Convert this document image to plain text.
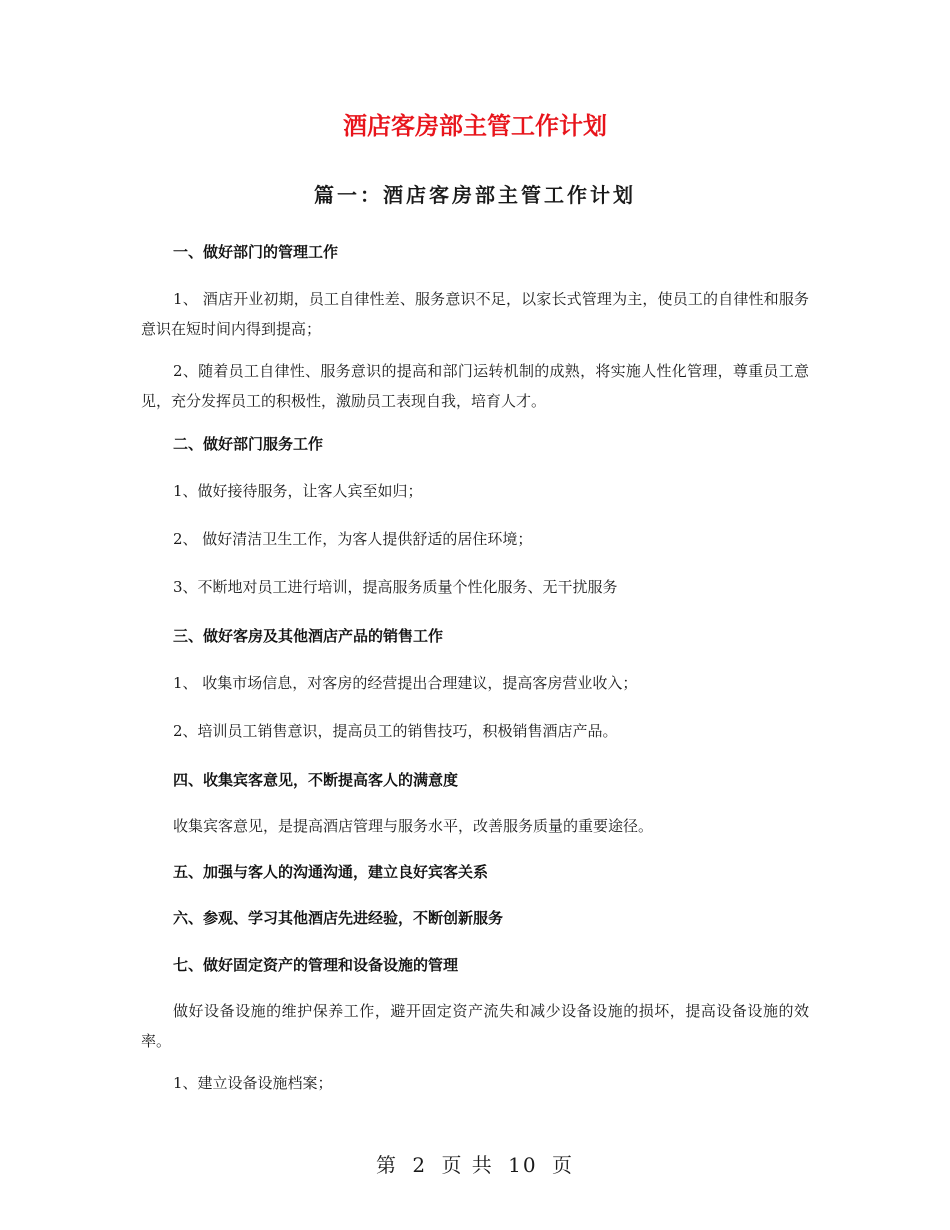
酒店客房部主管工作计划
篇一：酒店客房部主管工作计划
一、做好部门的管理工作

1、 酒店开业初期，员工自律性差、服务意识不足，以家长式管理为主，使员工的自律性和服务意识在短时间内得到提高；

2、随着员工自律性、服务意识的提高和部门运转机制的成熟，将实施人性化管理，尊重员工意见，充分发挥员工的积极性，激励员工表现自我，培育人才。

二、做好部门服务工作

1、做好接待服务，让客人宾至如归；

2、 做好清洁卫生工作，为客人提供舒适的居住环境；

3、不断地对员工进行培训，提高服务质量个性化服务、无干扰服务

三、做好客房及其他酒店产品的销售工作

1、 收集市场信息，对客房的经营提出合理建议，提高客房营业收入；

2、培训员工销售意识，提高员工的销售技巧，积极销售酒店产品。

四、收集宾客意见，不断提高客人的满意度

收集宾客意见，是提高酒店管理与服务水平，改善服务质量的重要途径。

五、加强与客人的沟通沟通，建立良好宾客关系
六、参观、学习其他酒店先进经验，不断创新服务
七、做好固定资产的管理和设备设施的管理

做好设备设施的维护保养工作，避开固定资产流失和减少设备设施的损坏，提高设备设施的效率。

1、建立设备设施档案；

第 2 页 共 10 页
